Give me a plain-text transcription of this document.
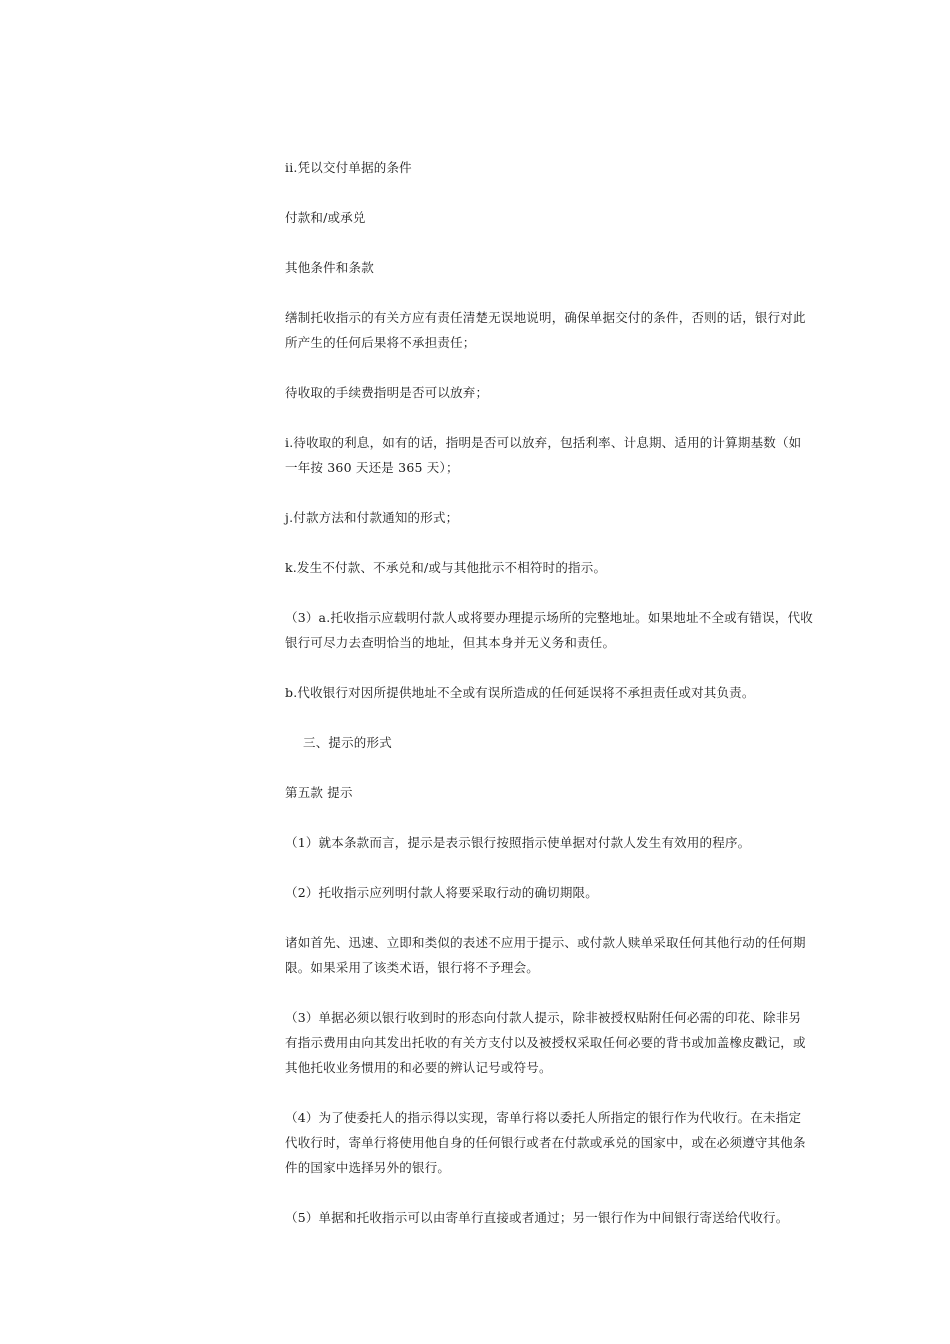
ii.凭以交付单据的条件

付款和/或承兑

其他条件和条款

缮制托收指示的有关方应有责任清楚无误地说明，确保单据交付的条件，否则的话，银行对此所产生的任何后果将不承担责任；

待收取的手续费指明是否可以放弃；

i.待收取的利息，如有的话，指明是否可以放弃，包括利率、计息期、适用的计算期基数（如一年按 360 天还是 365 天）；

j.付款方法和付款通知的形式；

k.发生不付款、不承兑和/或与其他批示不相符时的指示。

（3）a.托收指示应载明付款人或将要办理提示场所的完整地址。如果地址不全或有错误，代收银行可尽力去查明恰当的地址，但其本身并无义务和责任。

b.代收银行对因所提供地址不全或有误所造成的任何延误将不承担责任或对其负责。

三、提示的形式

第五款 提示

（1）就本条款而言，提示是表示银行按照指示使单据对付款人发生有效用的程序。

（2）托收指示应列明付款人将要采取行动的确切期限。

诸如首先、迅速、立即和类似的表述不应用于提示、或付款人赎单采取任何其他行动的任何期限。如果采用了该类术语，银行将不予理会。

（3）单据必须以银行收到时的形态向付款人提示，除非被授权贴附任何必需的印花、除非另有指示费用由向其发出托收的有关方支付以及被授权采取任何必要的背书或加盖橡皮戳记，或其他托收业务惯用的和必要的辨认记号或符号。

（4）为了使委托人的指示得以实现，寄单行将以委托人所指定的银行作为代收行。在未指定代收行时，寄单行将使用他自身的任何银行或者在付款或承兑的国家中，或在必须遵守其他条件的国家中选择另外的银行。

（5）单据和托收指示可以由寄单行直接或者通过；另一银行作为中间银行寄送给代收行。
